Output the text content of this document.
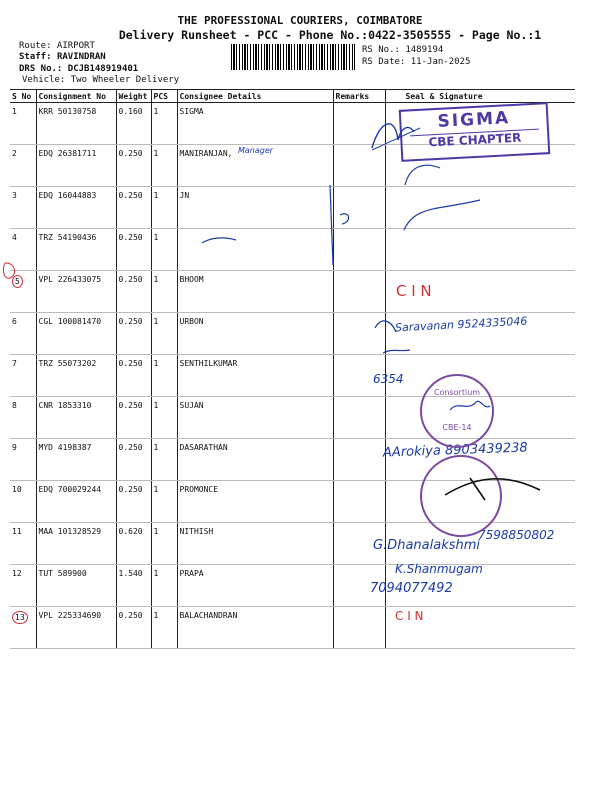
THE PROFESSIONAL COURIERS, COIMBATORE
Delivery Runsheet - PCC - Phone No.:0422-3505555 - Page No.:1
Route: AIRPORT
Staff: RAVINDRAN
DRS No.: DCJB148919401
Vehicle: Two Wheeler Delivery
RS No.: 1489194
RS Date: 11-Jan-2025
S No	Consignment No	Weight	PCS	Consignee Details	Remarks	Seal & Signature
1	KRR 50130758	0.160	1	SIGMA		
2	EDQ 26381711	0.250	1	MANIRANJAN,		
3	EDQ 16044883	0.250	1	JN		
4	TRZ 54190436	0.250	1			
5	VPL 226433075	0.250	1	BHOOM		
6	CGL 100081470	0.250	1	URBON		
7	TRZ 55073202	0.250	1	SENTHILKUMAR		
8	CNR 1853310	0.250	1	SUJAN		
9	MYD 4198387	0.250	1	DASARATHAN		
10	EDQ 700029244	0.250	1	PROMONCE		
11	MAA 101328529	0.620	1	NITHISH		
12	TUT 589900	1.540	1	PRAPA		
13	VPL 225334690	0.250	1	BALACHANDRAN		
SIGMA
CBE CHAPTER
Manager
C I N
Saravanan 9524335046
6354
AArokiya 8903439238
7598850802
G.Dhanalakshmi
K.Shanmugam
7094077492
C I N
Consortium
CBE-14
